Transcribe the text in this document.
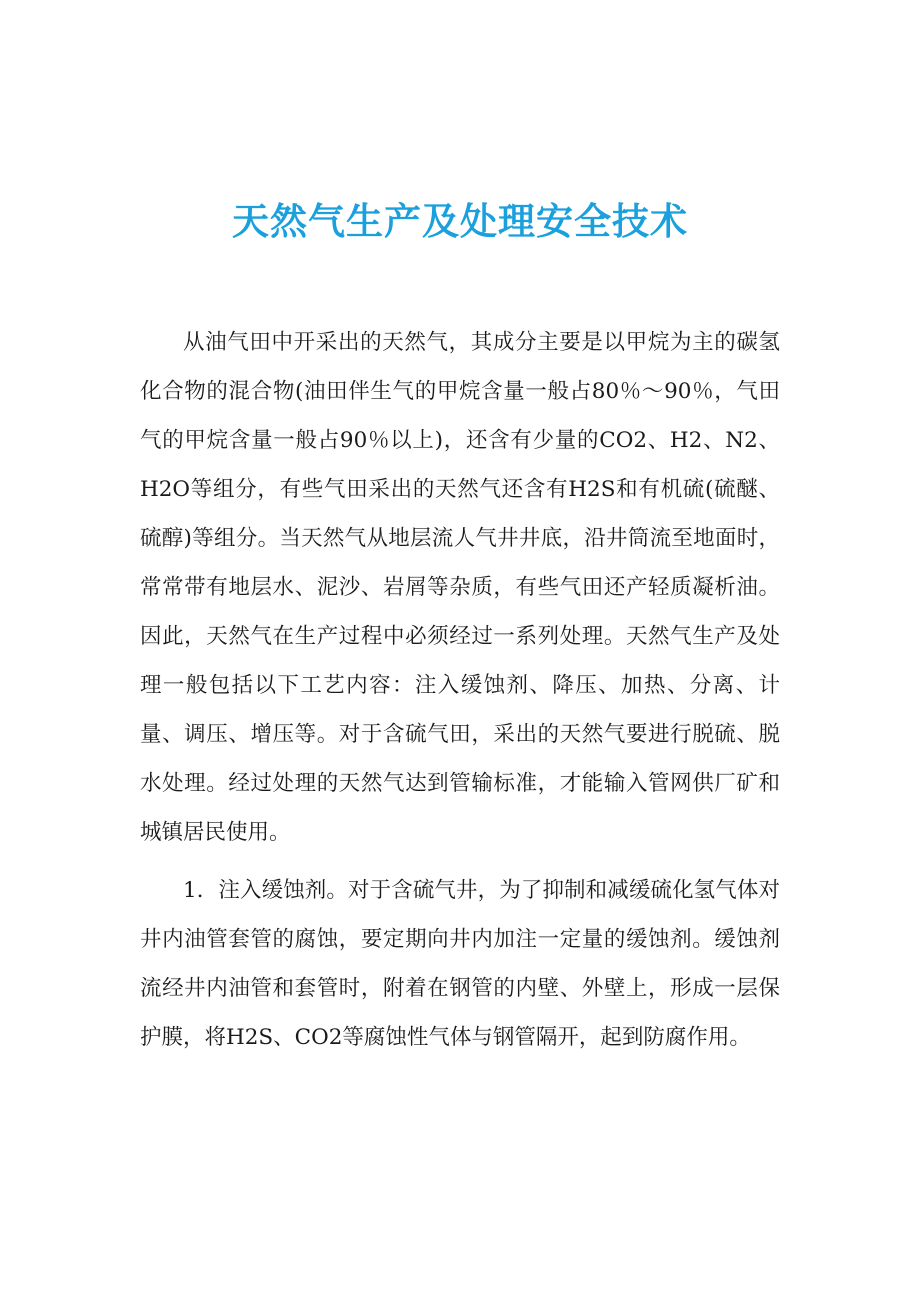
天然气生产及处理安全技术

从油气田中开采出的天然气，其成分主要是以甲烷为主的碳氢化合物的混合物(油田伴生气的甲烷含量一般占80％～90％，气田气的甲烷含量一般占90％以上)，还含有少量的CO2、H2、N2、H2O等组分，有些气田采出的天然气还含有H2S和有机硫(硫醚、硫醇)等组分。当天然气从地层流人气井井底，沿井筒流至地面时，常常带有地层水、泥沙、岩屑等杂质，有些气田还产轻质凝析油。因此，天然气在生产过程中必须经过一系列处理。天然气生产及处理一般包括以下工艺内容：注入缓蚀剂、降压、加热、分离、计量、调压、增压等。对于含硫气田，采出的天然气要进行脱硫、脱水处理。经过处理的天然气达到管输标准，才能输入管网供厂矿和城镇居民使用。

1．注入缓蚀剂。对于含硫气井，为了抑制和减缓硫化氢气体对井内油管套管的腐蚀，要定期向井内加注一定量的缓蚀剂。缓蚀剂流经井内油管和套管时，附着在钢管的内壁、外壁上，形成一层保护膜，将H2S、CO2等腐蚀性气体与钢管隔开，起到防腐作用。
